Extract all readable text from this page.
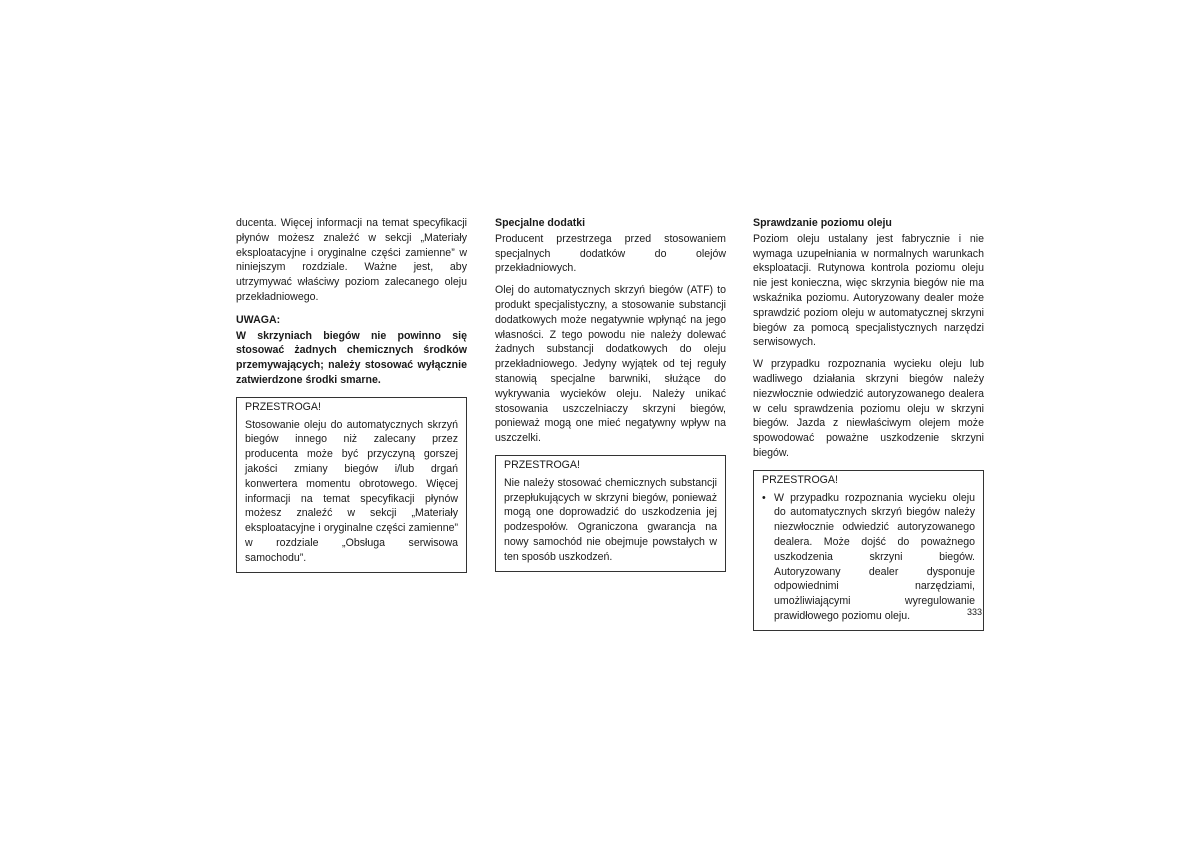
ducenta. Więcej informacji na temat specyfikacji płynów możesz znaleźć w sekcji „Materiały eksploatacyjne i oryginalne części zamienne” w niniejszym rozdziale. Ważne jest, aby utrzymywać właściwy poziom zalecanego oleju przekładniowego.

UWAGA:

W skrzyniach biegów nie powinno się stosować żadnych chemicznych środków przemywających; należy stosować wyłącznie zatwierdzone środki smarne.

PRZESTROGA!

Stosowanie oleju do automatycznych skrzyń biegów innego niż zalecany przez producenta może być przyczyną gorszej jakości zmiany biegów i/lub drgań konwertera momentu obrotowego. Więcej informacji na temat specyfikacji płynów możesz znaleźć w sekcji „Materiały eksploatacyjne i oryginalne części zamienne” w rozdziale „Obsługa serwisowa samochodu”.

Specjalne dodatki

Producent przestrzega przed stosowaniem specjalnych dodatków do olejów przekładniowych.

Olej do automatycznych skrzyń biegów (ATF) to produkt specjalistyczny, a stosowanie substancji dodatkowych może negatywnie wpłynąć na jego własności. Z tego powodu nie należy dolewać żadnych substancji dodatkowych do oleju przekładniowego. Jedyny wyjątek od tej reguły stanowią specjalne barwniki, służące do wykrywania wycieków oleju. Należy unikać stosowania uszczelniaczy skrzyni biegów, ponieważ mogą one mieć negatywny wpływ na uszczelki.

PRZESTROGA!

Nie należy stosować chemicznych substancji przepłukujących w skrzyni biegów, ponieważ mogą one doprowadzić do uszkodzenia jej podzespołów. Ograniczona gwarancja na nowy samochód nie obejmuje powstałych w ten sposób uszkodzeń.

Sprawdzanie poziomu oleju

Poziom oleju ustalany jest fabrycznie i nie wymaga uzupełniania w normalnych warunkach eksploatacji. Rutynowa kontrola poziomu oleju nie jest konieczna, więc skrzynia biegów nie ma wskaźnika poziomu. Autoryzowany dealer może sprawdzić poziom oleju w automatycznej skrzyni biegów za pomocą specjalistycznych narzędzi serwisowych.

W przypadku rozpoznania wycieku oleju lub wadliwego działania skrzyni biegów należy niezwłocznie odwiedzić autoryzowanego dealera w celu sprawdzenia poziomu oleju w skrzyni biegów. Jazda z niewłaściwym olejem może spowodować poważne uszkodzenie skrzyni biegów.

PRZESTROGA!
• W przypadku rozpoznania wycieku oleju do automatycznych skrzyń biegów należy niezwłocznie odwiedzić autoryzowanego dealera. Może dojść do poważnego uszkodzenia skrzyni biegów. Autoryzowany dealer dysponuje odpowiednimi narzędziami, umożliwiającymi wyregulowanie prawidłowego poziomu oleju.	333
